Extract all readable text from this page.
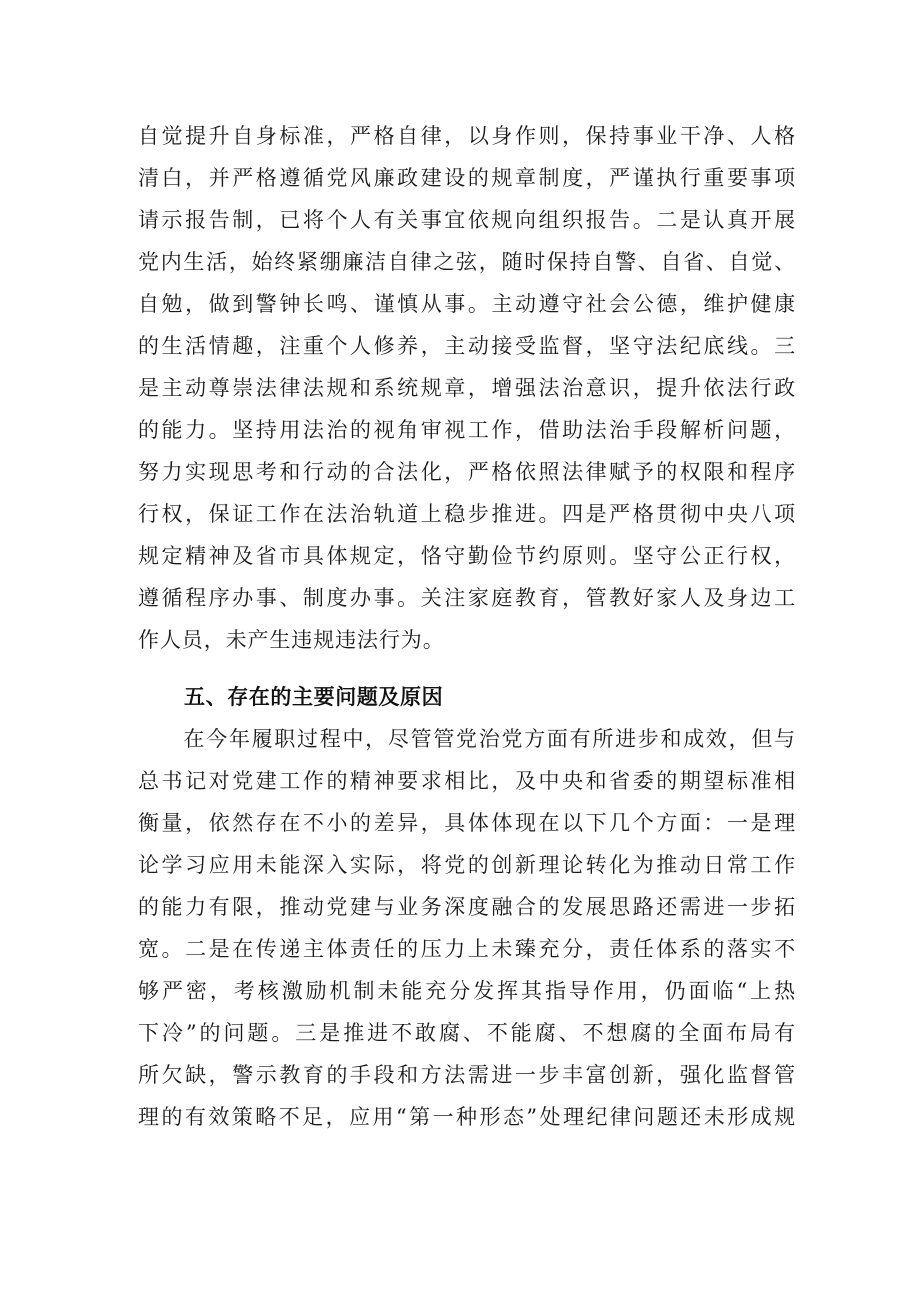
自觉提升自身标准，严格自律，以身作则，保持事业干净、人格
清白，并严格遵循党风廉政建设的规章制度，严谨执行重要事项
请示报告制，已将个人有关事宜依规向组织报告。二是认真开展
党内生活，始终紧绷廉洁自律之弦，随时保持自警、自省、自觉、
自勉，做到警钟长鸣、谨慎从事。主动遵守社会公德，维护健康
的生活情趣，注重个人修养，主动接受监督，坚守法纪底线。三
是主动尊崇法律法规和系统规章，增强法治意识，提升依法行政
的能力。坚持用法治的视角审视工作，借助法治手段解析问题，
努力实现思考和行动的合法化，严格依照法律赋予的权限和程序
行权，保证工作在法治轨道上稳步推进。四是严格贯彻中央八项
规定精神及省市具体规定，恪守勤俭节约原则。坚守公正行权，
遵循程序办事、制度办事。关注家庭教育，管教好家人及身边工
作人员，未产生违规违法行为。
五、存在的主要问题及原因
　　在今年履职过程中，尽管管党治党方面有所进步和成效，但与
总书记对党建工作的精神要求相比，及中央和省委的期望标准相
衡量，依然存在不小的差异，具体体现在以下几个方面：一是理
论学习应用未能深入实际，将党的创新理论转化为推动日常工作
的能力有限，推动党建与业务深度融合的发展思路还需进一步拓
宽。二是在传递主体责任的压力上未臻充分，责任体系的落实不
够严密，考核激励机制未能充分发挥其指导作用，仍面临“上热
下冷”的问题。三是推进不敢腐、不能腐、不想腐的全面布局有
所欠缺，警示教育的手段和方法需进一步丰富创新，强化监督管
理的有效策略不足，应用“第一种形态”处理纪律问题还未形成规
